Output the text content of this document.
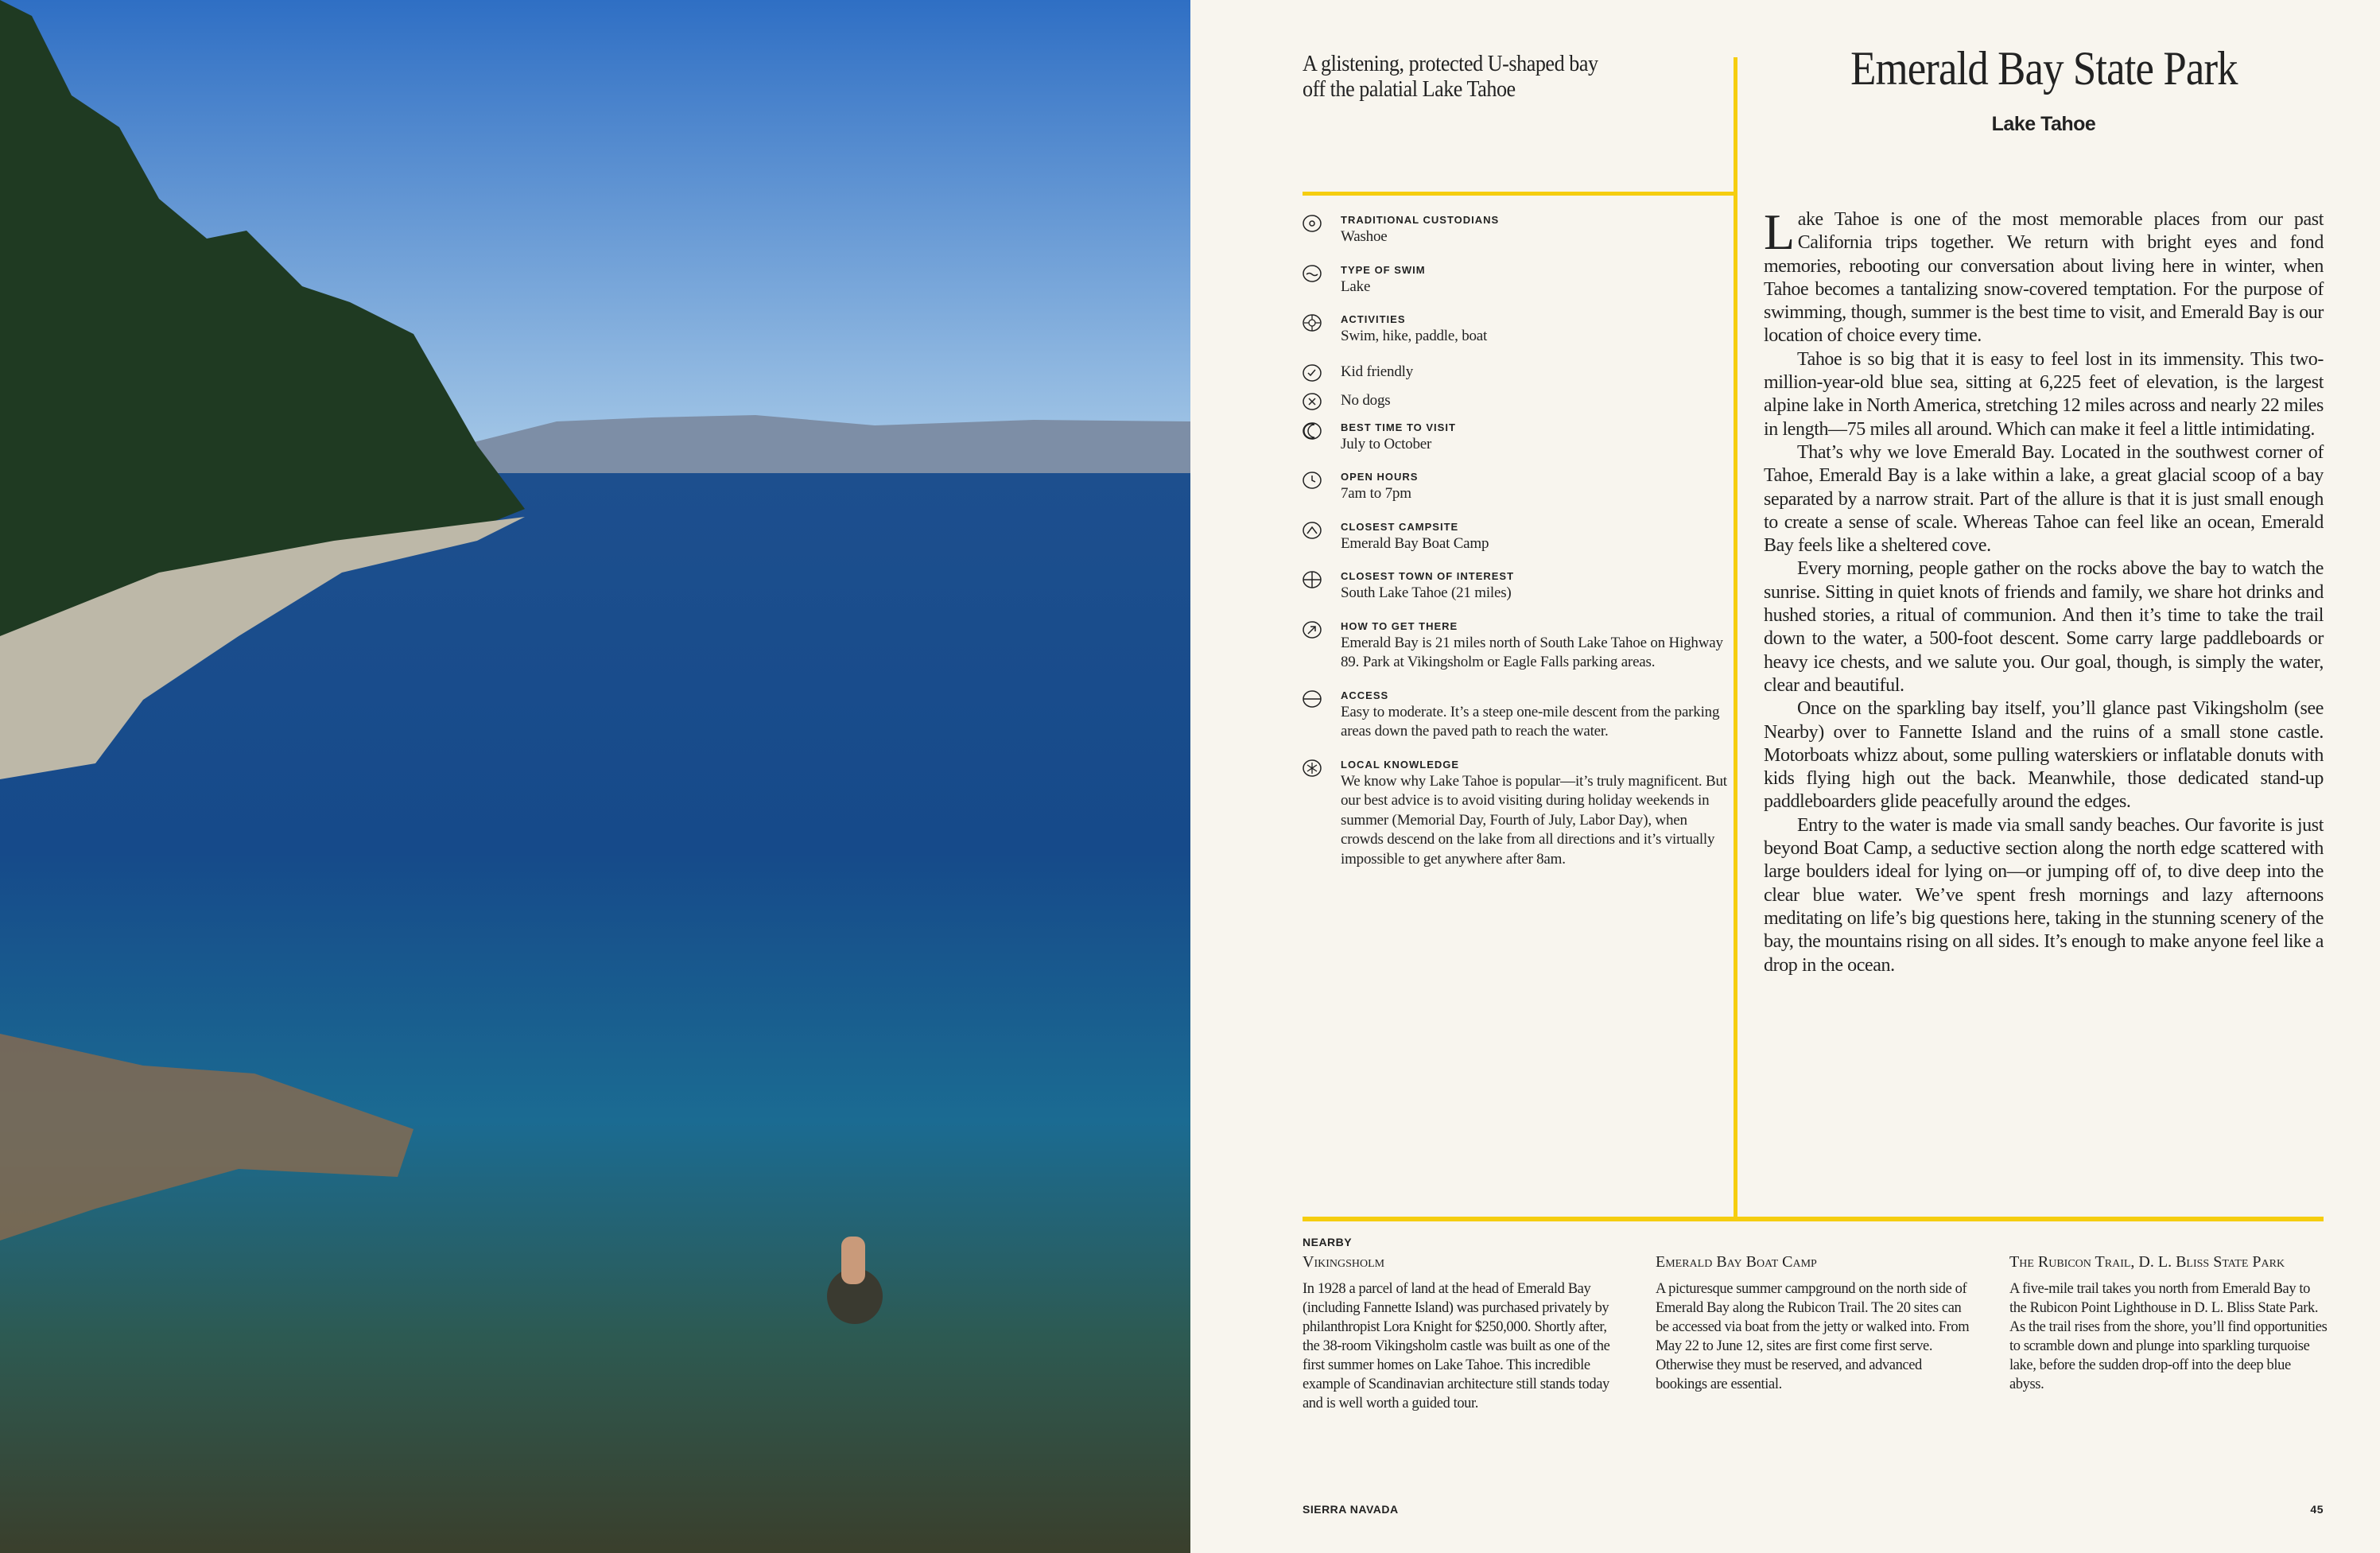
A glistening, protected U-shaped bay off the palatial Lake Tahoe	Emerald Bay State Park
Lake Tahoe
TRADITIONAL CUSTODIANS
Washoe
TYPE OF SWIM
Lake
ACTIVITIES
Swim, hike, paddle, boat
Kid friendly
No dogs
BEST TIME TO VISIT
July to October
OPEN HOURS
7am to 7pm
CLOSEST CAMPSITE
Emerald Bay Boat Camp
CLOSEST TOWN OF INTEREST
South Lake Tahoe (21 miles)
HOW TO GET THERE
Emerald Bay is 21 miles north of South Lake Tahoe on Highway 89. Park at Vikingsholm or Eagle Falls parking areas.
ACCESS
Easy to moderate. It’s a steep one-mile descent from the parking areas down the paved path to reach the water.
LOCAL KNOWLEDGE
We know why Lake Tahoe is popular—it’s truly magnificent. But our best advice is to avoid visiting during holiday weekends in summer (Memorial Day, Fourth of July, Labor Day), when crowds descend on the lake from all directions and it’s virtually impossible to get anywhere after 8am.

Lake Tahoe is one of the most memorable places from our past California trips together. We return with bright eyes and fond memories, rebooting our conversation about living here in winter, when Tahoe becomes a tantalizing snow-covered temptation. For the purpose of swimming, though, summer is the best time to visit, and Emerald Bay is our location of choice every time.

Tahoe is so big that it is easy to feel lost in its immensity. This two-million-year-old blue sea, sitting at 6,225 feet of elevation, is the largest alpine lake in North America, stretching 12 miles across and nearly 22 miles in length—75 miles all around. Which can make it feel a little intimidating.

That’s why we love Emerald Bay. Located in the southwest corner of Tahoe, Emerald Bay is a lake within a lake, a great glacial scoop of a bay separated by a narrow strait. Part of the allure is that it is just small enough to create a sense of scale. Whereas Tahoe can feel like an ocean, Emerald Bay feels like a sheltered cove.

Every morning, people gather on the rocks above the bay to watch the sunrise. Sitting in quiet knots of friends and family, we share hot drinks and hushed stories, a ritual of communion. And then it’s time to take the trail down to the water, a 500-foot descent. Some carry large paddleboards or heavy ice chests, and we salute you. Our goal, though, is simply the water, clear and beautiful.

Once on the sparkling bay itself, you’ll glance past Vikingsholm (see Nearby) over to Fannette Island and the ruins of a small stone castle. Motorboats whizz about, some pulling waterskiers or inflatable donuts with kids flying high out the back. Meanwhile, those dedicated stand-up paddleboarders glide peacefully around the edges.

Entry to the water is made via small sandy beaches. Our favorite is just beyond Boat Camp, a seductive section along the north edge scattered with large boulders ideal for lying on—or jumping off of, to dive deep into the clear blue water. We’ve spent fresh mornings and lazy afternoons meditating on life’s big questions here, taking in the stunning scenery of the bay, the mountains rising on all sides. It’s enough to make anyone feel like a drop in the ocean.

NEARBY
Vikingsholm
In 1928 a parcel of land at the head of Emerald Bay (including Fannette Island) was purchased privately by philanthropist Lora Knight for $250,000. Shortly after, the 38-room Vikingsholm castle was built as one of the first summer homes on Lake Tahoe. This incredible example of Scandinavian architecture still stands today and is well worth a guided tour.
Emerald Bay Boat Camp
A picturesque summer campground on the north side of Emerald Bay along the Rubicon Trail. The 20 sites can be accessed via boat from the jetty or walked into. From May 22 to June 12, sites are first come first serve. Otherwise they must be reserved, and advanced bookings are essential.
The Rubicon Trail, D. L. Bliss State Park
A five-mile trail takes you north from Emerald Bay to the Rubicon Point Lighthouse in D. L. Bliss State Park. As the trail rises from the shore, you’ll find opportunities to scramble down and plunge into sparkling turquoise lake, before the sudden drop-off into the deep blue abyss.
SIERRA NAVADA	45
